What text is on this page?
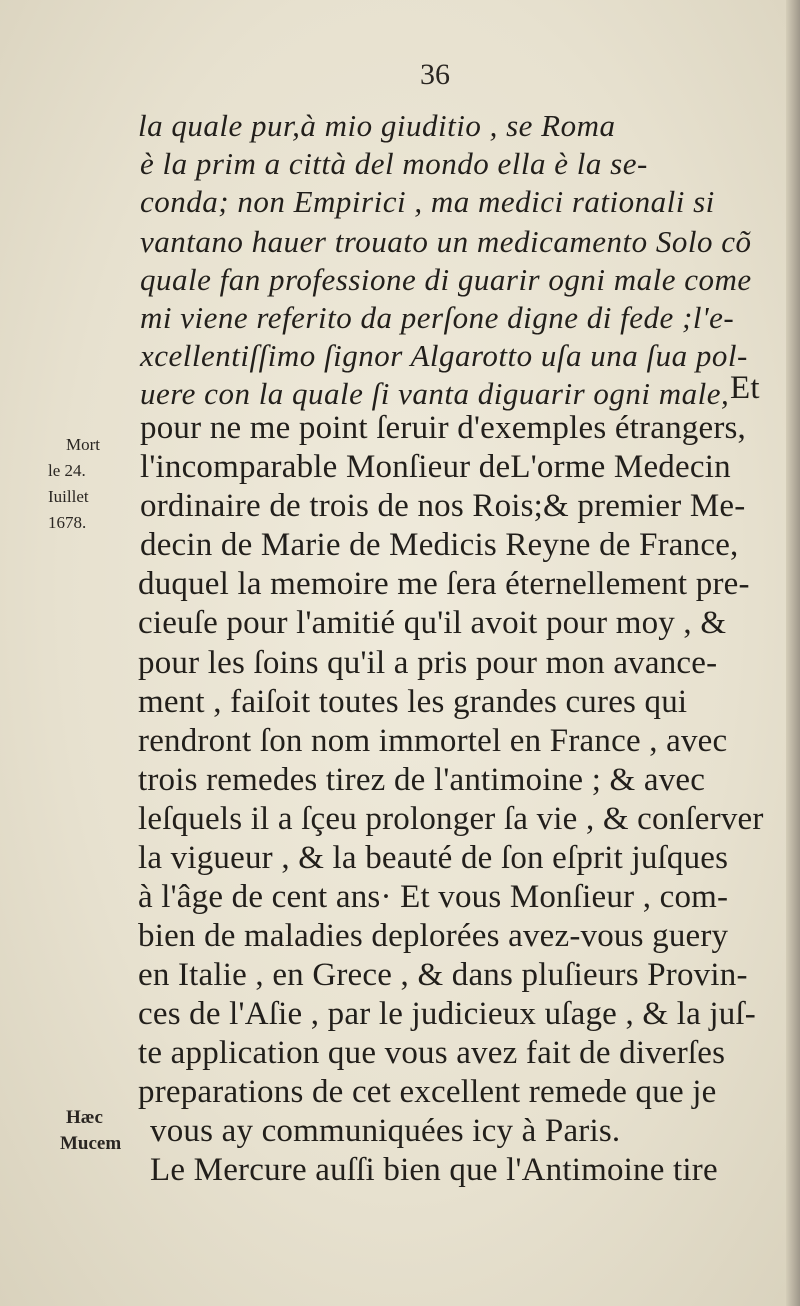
36
la quale pur,à mio giuditio , se Roma
è la prim a città del mondo ella è la se-
conda; non Empirici , ma medici rationali si
vantano hauer trouato un medicamento Solo cõ
quale fan professione di guarir ogni male come
mi viene referito da perſone digne di fede ;l'e-
xcellentiſſimo ſignor Algarotto uſa una ſua pol-
uere con la quale ſi vanta diguarir ogni male, Et
pour ne me point ſeruir d'exemples étrangers,
l'incomparable Monſieur deL'orme Medecin
ordinaire de trois de nos Rois;& premier Me-
decin de Marie de Medicis Reyne de France,
duquel la memoire me ſera éternellement pre-
cieuſe pour l'amitié qu'il avoit pour moy , &
pour les ſoins qu'il a pris pour mon avance-
ment , faiſoit toutes les grandes cures qui
rendront ſon nom immortel en France , avec
trois remedes tirez de l'antimoine ; & avec
leſquels il a ſçeu prolonger ſa vie , & conſerver
la vigueur , & la beauté de ſon eſprit juſques
à l'âge de cent ans· Et vous Monſieur , com-
bien de maladies deplorées avez-vous guery
en Italie , en Grece , & dans pluſieurs Provin-
ces de l'Aſie , par le judicieux uſage , & la juſ-
te application que vous avez fait de diverſes
preparations de cet excellent remede que je
vous ay communiquées icy à Paris.
Le Mercure auſſi bien que l'Antimoine tire
Mort
le 24.
Iuillet
1678.
Hæc
Mucem
